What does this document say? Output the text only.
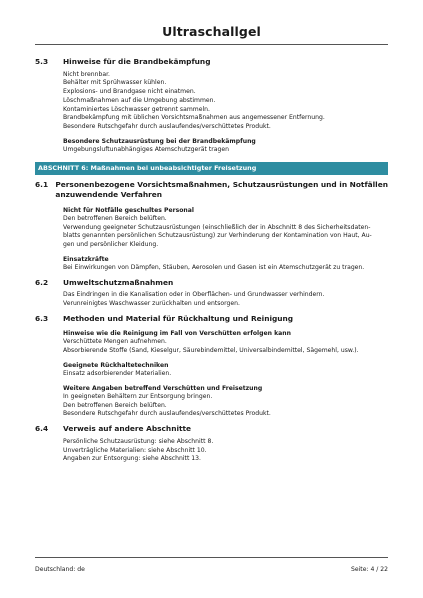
Ultraschallgel
5.3	Hinweise für die Brandbekämpfung
Nicht brennbar.
Behälter mit Sprühwasser kühlen.
Explosions- und Brandgase nicht einatmen.
Löschmaßnahmen auf die Umgebung abstimmen.
Kontaminiertes Löschwasser getrennt sammeln.
Brandbekämpfung mit üblichen Vorsichtsmaßnahmen aus angemessener Entfernung.
Besondere Rutschgefahr durch auslaufendes/verschüttetes Produkt.
Besondere Schutzausrüstung bei der Brandbekämpfung
Umgebungsluftunabhängiges Atemschutzgerät tragen
ABSCHNITT 6: Maßnahmen bei unbeabsichtigter Freisetzung
6.1 Personenbezogene Vorsichtsmaßnahmen, Schutzausrüstungen und in Notfällen
anzuwendende Verfahren
Nicht für Notfälle geschultes Personal
Den betroffenen Bereich belüften.
Verwendung geeigneter Schutzausrüstungen (einschließlich der in Abschnitt 8 des Sicherheitsdaten-
blatts genannten persönlichen Schutzausrüstung) zur Verhinderung der Kontamination von Haut, Au-
gen und persönlicher Kleidung.
Einsatzkräfte
Bei Einwirkungen von Dämpfen, Stäuben, Aerosolen und Gasen ist ein Atemschutzgerät zu tragen.
6.2	Umweltschutzmaßnahmen
Das Eindringen in die Kanalisation oder in Oberflächen- und Grundwasser verhindern.
Verunreinigtes Waschwasser zurückhalten und entsorgen.
6.3	Methoden und Material für Rückhaltung und Reinigung
Hinweise wie die Reinigung im Fall von Verschütten erfolgen kann
Verschüttete Mengen aufnehmen.
Absorbierende Stoffe (Sand, Kieselgur, Säurebindemittel, Universalbindemittel, Sägemehl, usw.).
Geeignete Rückhaltetechniken
Einsatz adsorbierender Materialien.
Weitere Angaben betreffend Verschütten und Freisetzung
In geeigneten Behältern zur Entsorgung bringen.
Den betroffenen Bereich belüften.
Besondere Rutschgefahr durch auslaufendes/verschüttetes Produkt.
6.4	Verweis auf andere Abschnitte
Persönliche Schutzausrüstung: siehe Abschnitt 8.
Unverträgliche Materialien: siehe Abschnitt 10.
Angaben zur Entsorgung: siehe Abschnitt 13.
Deutschland: de	Seite: 4 / 22
